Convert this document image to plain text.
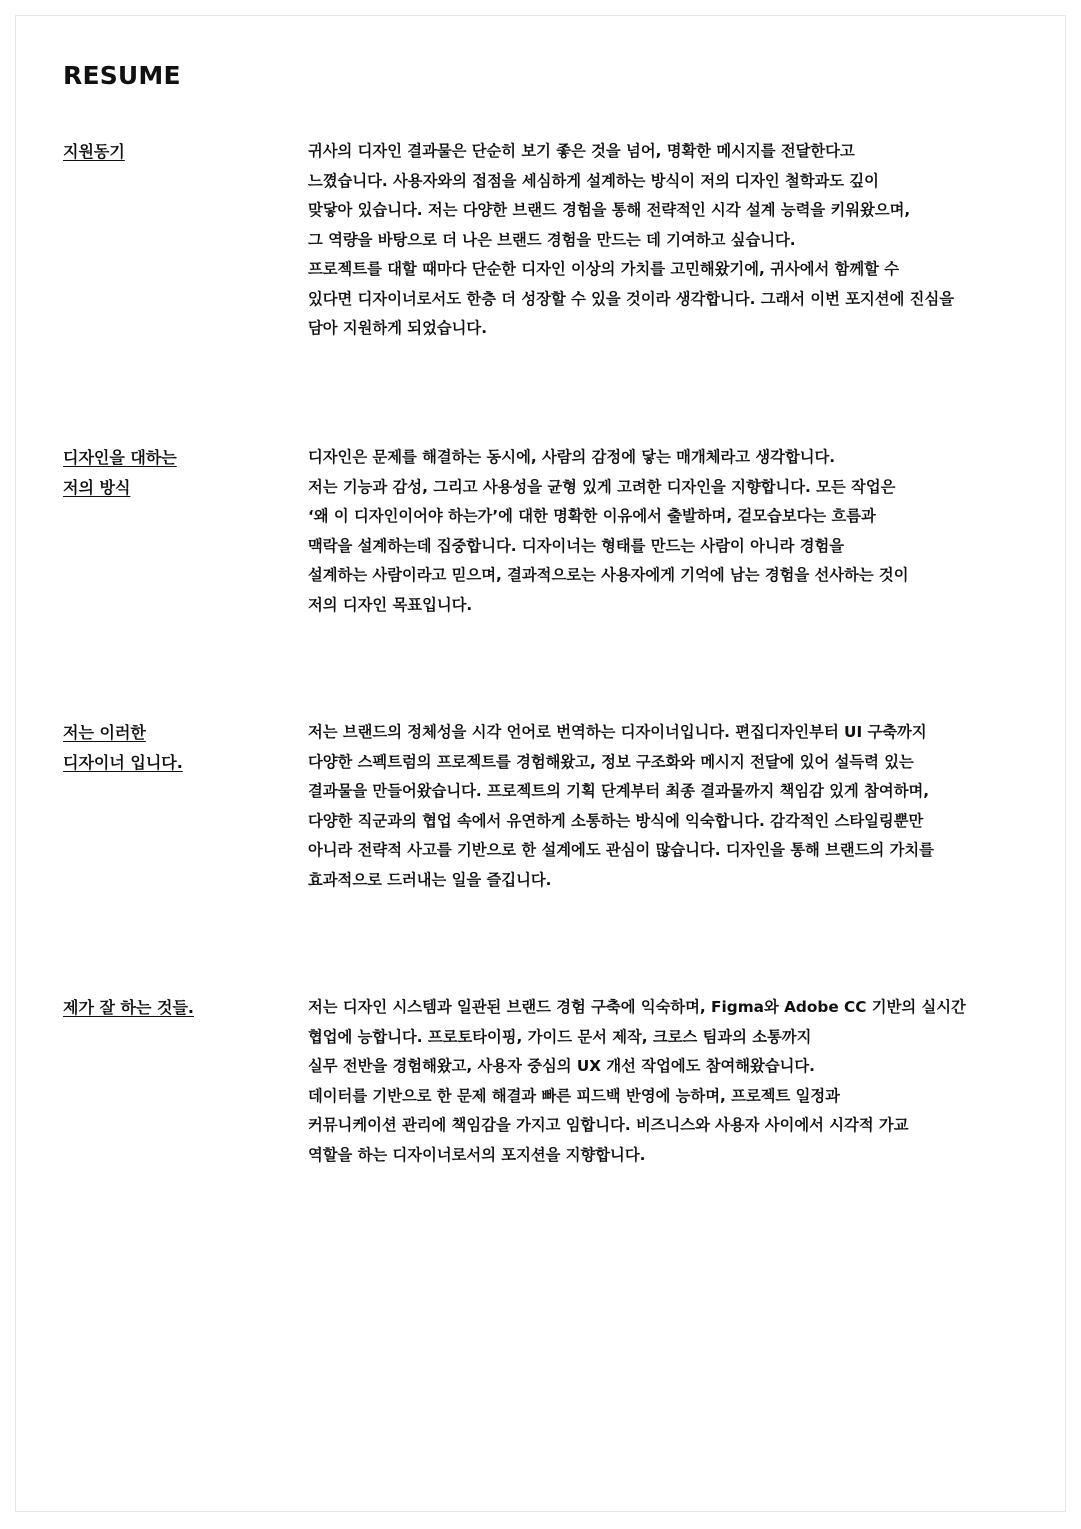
RESUME
지원동기	귀사의 디자인 결과물은 단순히 보기 좋은 것을 넘어, 명확한 메시지를 전달한다고
느꼈습니다. 사용자와의 접점을 세심하게 설계하는 방식이 저의 디자인 철학과도 깊이
맞닿아 있습니다. 저는 다양한 브랜드 경험을 통해 전략적인 시각 설계 능력을 키워왔으며,
그 역량을 바탕으로 더 나은 브랜드 경험을 만드는 데 기여하고 싶습니다.
프로젝트를 대할 때마다 단순한 디자인 이상의 가치를 고민해왔기에, 귀사에서 함께할 수
있다면 디자이너로서도 한층 더 성장할 수 있을 것이라 생각합니다. 그래서 이번 포지션에 진심을
담아 지원하게 되었습니다.
디자인을 대하는
저의 방식
디자인은 문제를 해결하는 동시에, 사람의 감정에 닿는 매개체라고 생각합니다.
저는 기능과 감성, 그리고 사용성을 균형 있게 고려한 디자인을 지향합니다. 모든 작업은
‘왜 이 디자인이어야 하는가’에 대한 명확한 이유에서 출발하며, 겉모습보다는 흐름과
맥락을 설계하는데 집중합니다. 디자이너는 형태를 만드는 사람이 아니라 경험을
설계하는 사람이라고 믿으며, 결과적으로는 사용자에게 기억에 남는 경험을 선사하는 것이
저의 디자인 목표입니다.
저는 이러한
디자이너 입니다.
저는 브랜드의 정체성을 시각 언어로 번역하는 디자이너입니다. 편집디자인부터 UI 구축까지
다양한 스펙트럼의 프로젝트를 경험해왔고, 정보 구조화와 메시지 전달에 있어 설득력 있는
결과물을 만들어왔습니다. 프로젝트의 기획 단계부터 최종 결과물까지 책임감 있게 참여하며,
다양한 직군과의 협업 속에서 유연하게 소통하는 방식에 익숙합니다. 감각적인 스타일링뿐만
아니라 전략적 사고를 기반으로 한 설계에도 관심이 많습니다. 디자인을 통해 브랜드의 가치를
효과적으로 드러내는 일을 즐깁니다.
제가 잘 하는 것들.	저는 디자인 시스템과 일관된 브랜드 경험 구축에 익숙하며, Figma와 Adobe CC 기반의 실시간
협업에 능합니다. 프로토타이핑, 가이드 문서 제작, 크로스 팀과의 소통까지
실무 전반을 경험해왔고, 사용자 중심의 UX 개선 작업에도 참여해왔습니다.
데이터를 기반으로 한 문제 해결과 빠른 피드백 반영에 능하며, 프로젝트 일정과
커뮤니케이션 관리에 책임감을 가지고 임합니다. 비즈니스와 사용자 사이에서 시각적 가교
역할을 하는 디자이너로서의 포지션을 지향합니다.
